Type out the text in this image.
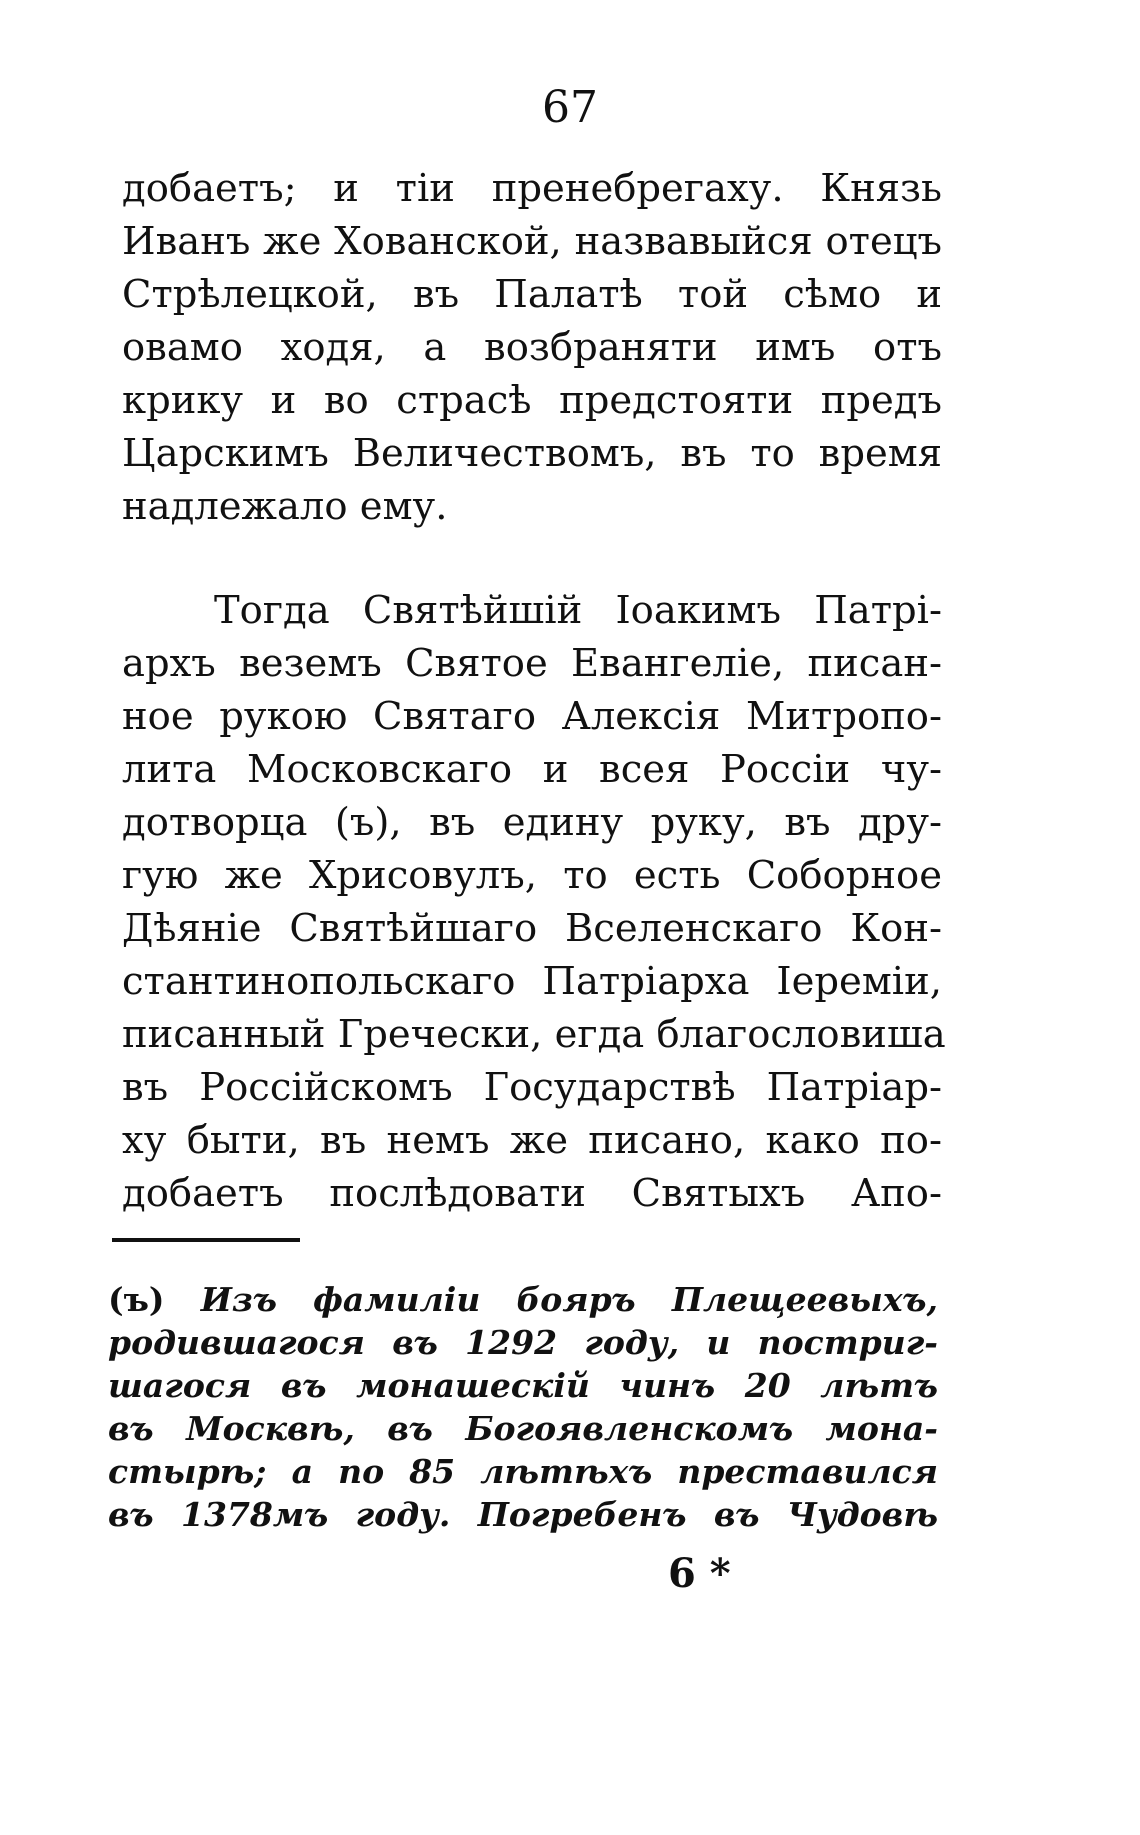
67
добаетъ; и тіи пренебрегаху. Князь
Иванъ же Хованской, назвавыйся отецъ
Стрѣлецкой, въ Палатѣ той сѣмо и
овамо ходя, а возбраняти имъ отъ
крику и во страсѣ предстояти предъ
Царскимъ Величествомъ, въ то время
надлежало ему.
Тогда Святѣйшій Іоакимъ Патрі-
архъ веземъ Святое Евангеліе, писан-
ное рукою Святаго Алексія Митропо-
лита Московскаго и всея Россіи чу-
дотворца (ъ), въ едину руку, въ дру-
гую же Хрисовулъ, то есть Соборное
Дѣяніе Святѣйшаго Вселенскаго Кон-
стантинопольскаго Патріарха Іереміи,
писанный Гречески, егда благословиша
въ Россійскомъ Государствѣ Патріар-
ху быти, въ немъ же писано, како по-
добаетъ послѣдовати Святыхъ Апо-
(ъ) Изъ фамиліи бояръ Плещеевыхъ,
родившагося въ 1292 году, и постриг-
шагося въ монашескій чинъ 20 лѣтъ
въ Москвѣ, въ Богоявленскомъ мона-
стырѣ; а по 85 лѣтѣхъ преставился
въ 1378мъ году. Погребенъ въ Чудовѣ
6 *
